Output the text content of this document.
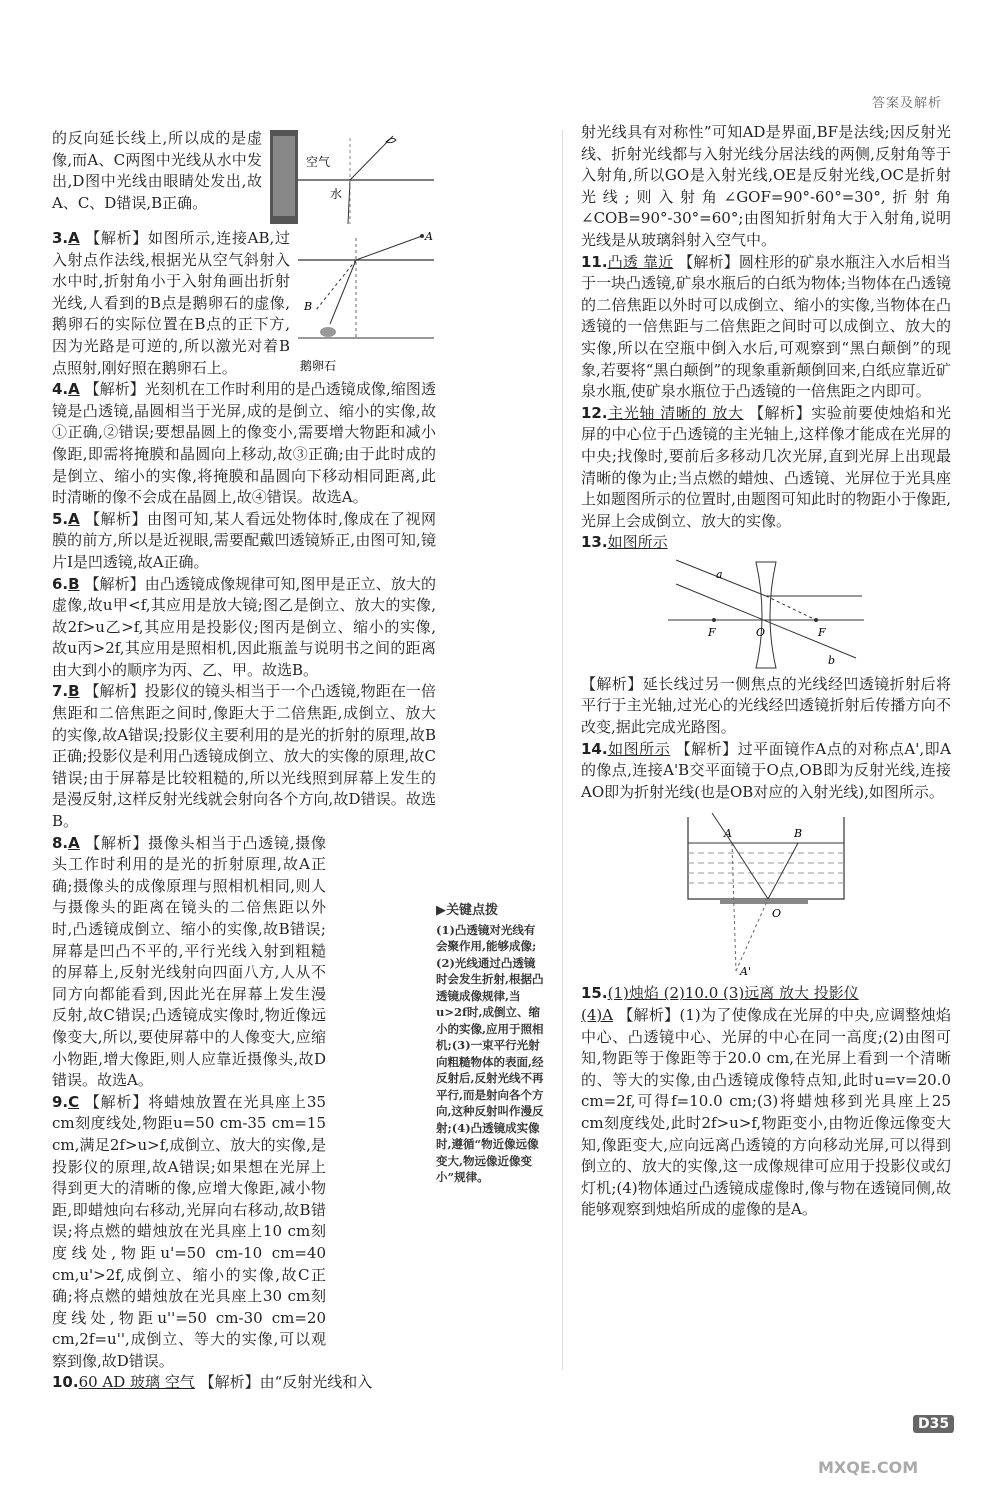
答案及解析
空气
水
的反向延长线上,所以成的是虚像,而A、C两图中光线从水中发出,D图中光线由眼睛处发出,故A、C、D错误,B正确。
A
B
鹅卵石
3.A 【解析】如图所示,连接AB,过入射点作法线,根据光从空气斜射入水中时,折射角小于入射角画出折射光线,人看到的B点是鹅卵石的虚像,鹅卵石的实际位置在B点的正下方,因为光路是可逆的,所以激光对着B点照射,刚好照在鹅卵石上。
4.A 【解析】光刻机在工作时利用的是凸透镜成像,缩图透镜是凸透镜,晶圆相当于光屏,成的是倒立、缩小的实像,故①正确,②错误;要想晶圆上的像变小,需要增大物距和减小像距,即需将掩膜和晶圆向上移动,故③正确;由于此时成的是倒立、缩小的实像,将掩膜和晶圆向下移动相同距离,此时清晰的像不会成在晶圆上,故④错误。故选A。
5.A 【解析】由图可知,某人看远处物体时,像成在了视网膜的前方,所以是近视眼,需要配戴凹透镜矫正,由图可知,镜片Ⅰ是凹透镜,故A正确。
6.B 【解析】由凸透镜成像规律可知,图甲是正立、放大的虚像,故u甲<f,其应用是放大镜;图乙是倒立、放大的实像,故2f>u乙>f,其应用是投影仪;图丙是倒立、缩小的实像,故u丙>2f,其应用是照相机,因此瓶盖与说明书之间的距离由大到小的顺序为丙、乙、甲。故选B。
7.B 【解析】投影仪的镜头相当于一个凸透镜,物距在一倍焦距和二倍焦距之间时,像距大于二倍焦距,成倒立、放大的实像,故A错误;投影仪主要利用的是光的折射的原理,故B正确;投影仪是利用凸透镜成倒立、放大的实像的原理,故C错误;由于屏幕是比较粗糙的,所以光线照到屏幕上发生的是漫反射,这样反射光线就会射向各个方向,故D错误。故选B。
8.A 【解析】摄像头相当于凸透镜,摄像头工作时利用的是光的折射原理,故A正确;摄像头的成像原理与照相机相同,则人与摄像头的距离在镜头的二倍焦距以外时,凸透镜成倒立、缩小的实像,故B错误;屏幕是凹凸不平的,平行光线入射到粗糙的屏幕上,反射光线射向四面八方,人从不同方向都能看到,因此光在屏幕上发生漫反射,故C错误;凸透镜成实像时,物近像远像变大,所以,要使屏幕中的人像变大,应缩小物距,增大像距,则人应靠近摄像头,故D错误。故选A。
9.C 【解析】将蜡烛放置在光具座上35 cm刻度线处,物距u=50 cm-35 cm=15 cm,满足2f>u>f,成倒立、放大的实像,是投影仪的原理,故A错误;如果想在光屏上得到更大的清晰的像,应增大像距,减小物距,即蜡烛向右移动,光屏向右移动,故B错误;将点燃的蜡烛放在光具座上10 cm刻度线处,物距u'=50 cm-10 cm=40 cm,u'>2f,成倒立、缩小的实像,故C正确;将点燃的蜡烛放在光具座上30 cm刻度线处,物距u''=50 cm-30 cm=20 cm,2f=u'',成倒立、等大的实像,可以观察到像,故D错误。
10.60 AD 玻璃 空气 【解析】由“反射光线和入
▶关键点拨
(1)凸透镜对光线有会聚作用,能够成像;(2)光线通过凸透镜时会发生折射,根据凸透镜成像规律,当u>2f时,成倒立、缩小的实像,应用于照相机;(3)一束平行光射向粗糙物体的表面,经反射后,反射光线不再平行,而是射向各个方向,这种反射叫作漫反射;(4)凸透镜成实像时,遵循“物近像远像变大,物远像近像变小”规律。
射光线具有对称性”可知AD是界面,BF是法线;因反射光线、折射光线都与入射光线分居法线的两侧,反射角等于入射角,所以GO是入射光线,OE是反射光线,OC是折射光线;则入射角∠GOF=90°-60°=30°,折射角∠COB=90°-30°=60°;由图知折射角大于入射角,说明光线是从玻璃斜射入空气中。
11.凸透 靠近 【解析】圆柱形的矿泉水瓶注入水后相当于一块凸透镜,矿泉水瓶后的白纸为物体;当物体在凸透镜的二倍焦距以外时可以成倒立、缩小的实像,当物体在凸透镜的一倍焦距与二倍焦距之间时可以成倒立、放大的实像,所以在空瓶中倒入水后,可观察到“黑白颠倒”的现象,若要将“黑白颠倒”的现象重新颠倒回来,白纸应靠近矿泉水瓶,使矿泉水瓶位于凸透镜的一倍焦距之内即可。
12.主光轴 清晰的 放大 【解析】实验前要使烛焰和光屏的中心位于凸透镜的主光轴上,这样像才能成在光屏的中央;找像时,要前后多移动几次光屏,直到光屏上出现最清晰的像为止;当点燃的蜡烛、凸透镜、光屏位于光具座上如题图所示的位置时,由题图可知此时的物距小于像距,光屏上会成倒立、放大的实像。
13.如图所示
a
b
F	O	F
【解析】延长线过另一侧焦点的光线经凹透镜折射后将平行于主光轴,过光心的光线经凹透镜折射后传播方向不改变,据此完成光路图。
14.如图所示 【解析】过平面镜作A点的对称点A',即A的像点,连接A'B交平面镜于O点,OB即为反射光线,连接AO即为折射光线(也是OB对应的入射光线),如图所示。
A	B
O
A'
15.(1)烛焰 (2)10.0 (3)远离 放大 投影仪
(4)A 【解析】(1)为了使像成在光屏的中央,应调整烛焰中心、凸透镜中心、光屏的中心在同一高度;(2)由图可知,物距等于像距等于20.0 cm,在光屏上看到一个清晰的、等大的实像,由凸透镜成像特点知,此时u=v=20.0 cm=2f,可得f=10.0 cm;(3)将蜡烛移到光具座上25 cm刻度线处,此时2f>u>f,物距变小,由物近像远像变大知,像距变大,应向远离凸透镜的方向移动光屏,可以得到倒立的、放大的实像,这一成像规律可应用于投影仪或幻灯机;(4)物体通过凸透镜成虚像时,像与物在透镜同侧,故能够观察到烛焰所成的虚像的是A。
D35
MXQE.COM
